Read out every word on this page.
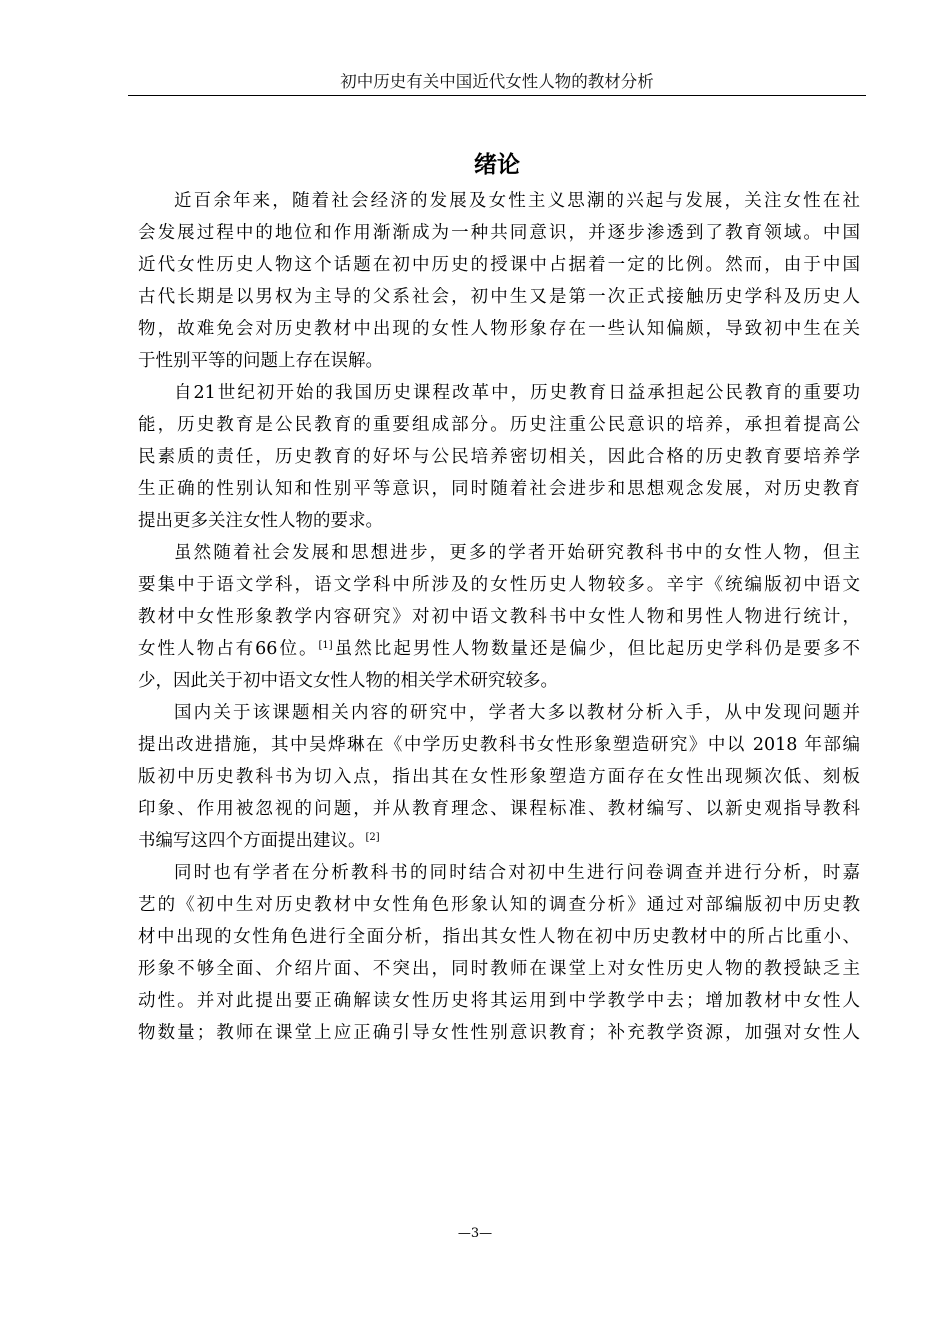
初中历史有关中国近代女性人物的教材分析
绪论
近百余年来，随着社会经济的发展及女性主义思潮的兴起与发展，关注女性在社
会发展过程中的地位和作用渐渐成为一种共同意识，并逐步渗透到了教育领域。中国
近代女性历史人物这个话题在初中历史的授课中占据着一定的比例。然而，由于中国
古代长期是以男权为主导的父系社会，初中生又是第一次正式接触历史学科及历史人
物，故难免会对历史教材中出现的女性人物形象存在一些认知偏颇，导致初中生在关
于性别平等的问题上存在误解。
自21世纪初开始的我国历史课程改革中，历史教育日益承担起公民教育的重要功
能，历史教育是公民教育的重要组成部分。历史注重公民意识的培养，承担着提高公
民素质的责任，历史教育的好坏与公民培养密切相关，因此合格的历史教育要培养学
生正确的性别认知和性别平等意识，同时随着社会进步和思想观念发展，对历史教育
提出更多关注女性人物的要求。
虽然随着社会发展和思想进步，更多的学者开始研究教科书中的女性人物，但主
要集中于语文学科，语文学科中所涉及的女性历史人物较多。辛宇《统编版初中语文
教材中女性形象教学内容研究》对初中语文教科书中女性人物和男性人物进行统计，
女性人物占有66位。[1]虽然比起男性人物数量还是偏少，但比起历史学科仍是要多不
少，因此关于初中语文女性人物的相关学术研究较多。
国内关于该课题相关内容的研究中，学者大多以教材分析入手，从中发现问题并
提出改进措施，其中吴烨琳在《中学历史教科书女性形象塑造研究》中以 2018 年部编
版初中历史教科书为切入点，指出其在女性形象塑造方面存在女性出现频次低、刻板
印象、作用被忽视的问题，并从教育理念、课程标准、教材编写、以新史观指导教科
书编写这四个方面提出建议。[2]
同时也有学者在分析教科书的同时结合对初中生进行问卷调查并进行分析，时嘉
艺的《初中生对历史教材中女性角色形象认知的调查分析》通过对部编版初中历史教
材中出现的女性角色进行全面分析，指出其女性人物在初中历史教材中的所占比重小、
形象不够全面、介绍片面、不突出，同时教师在课堂上对女性历史人物的教授缺乏主
动性。并对此提出要正确解读女性历史将其运用到中学教学中去；增加教材中女性人
物数量；教师在课堂上应正确引导女性性别意识教育；补充教学资源，加强对女性人
—3—
